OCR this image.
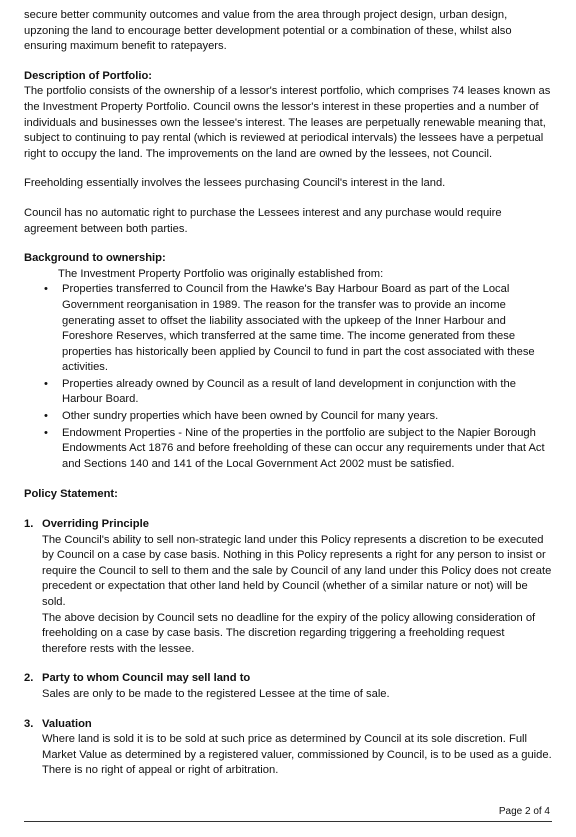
secure better community outcomes and value from the area through project design, urban design, upzoning the land to encourage better development potential or a combination of these, whilst also ensuring maximum benefit to ratepayers.

Description of Portfolio:

The portfolio consists of the ownership of a lessor's interest portfolio, which comprises 74 leases known as the Investment Property Portfolio. Council owns the lessor's interest in these properties and a number of individuals and businesses own the lessee's interest. The leases are perpetually renewable meaning that, subject to continuing to pay rental (which is reviewed at periodical intervals) the lessees have a perpetual right to occupy the land. The improvements on the land are owned by the lessees, not Council.

Freeholding essentially involves the lessees purchasing Council's interest in the land.

Council has no automatic right to purchase the Lessees interest and any purchase would require agreement between both parties.

Background to ownership:

The Investment Property Portfolio was originally established from:

• Properties transferred to Council from the Hawke's Bay Harbour Board as part of the Local Government reorganisation in 1989. The reason for the transfer was to provide an income generating asset to offset the liability associated with the upkeep of the Inner Harbour and Foreshore Reserves, which transferred at the same time. The income generated from these properties has historically been applied by Council to fund in part the cost associated with these activities.
• Properties already owned by Council as a result of land development in conjunction with the Harbour Board.
• Other sundry properties which have been owned by Council for many years.
• Endowment Properties - Nine of the properties in the portfolio are subject to the Napier Borough Endowments Act 1876 and before freeholding of these can occur any requirements under that Act and Sections 140 and 141 of the Local Government Act 2002 must be satisfied.
Policy Statement:
1. Overriding Principle

The Council's ability to sell non-strategic land under this Policy represents a discretion to be executed by Council on a case by case basis. Nothing in this Policy represents a right for any person to insist or require the Council to sell to them and the sale by Council of any land under this Policy does not create precedent or expectation that other land held by Council (whether of a similar nature or not) will be sold.

The above decision by Council sets no deadline for the expiry of the policy allowing consideration of freeholding on a case by case basis. The discretion regarding triggering a freeholding request therefore rests with the lessee.

2. Party to whom Council may sell land to

Sales are only to be made to the registered Lessee at the time of sale.

3. Valuation

Where land is sold it is to be sold at such price as determined by Council at its sole discretion. Full Market Value as determined by a registered valuer, commissioned by Council, is to be used as a guide.

There is no right of appeal or right of arbitration.

Page 2 of 4
